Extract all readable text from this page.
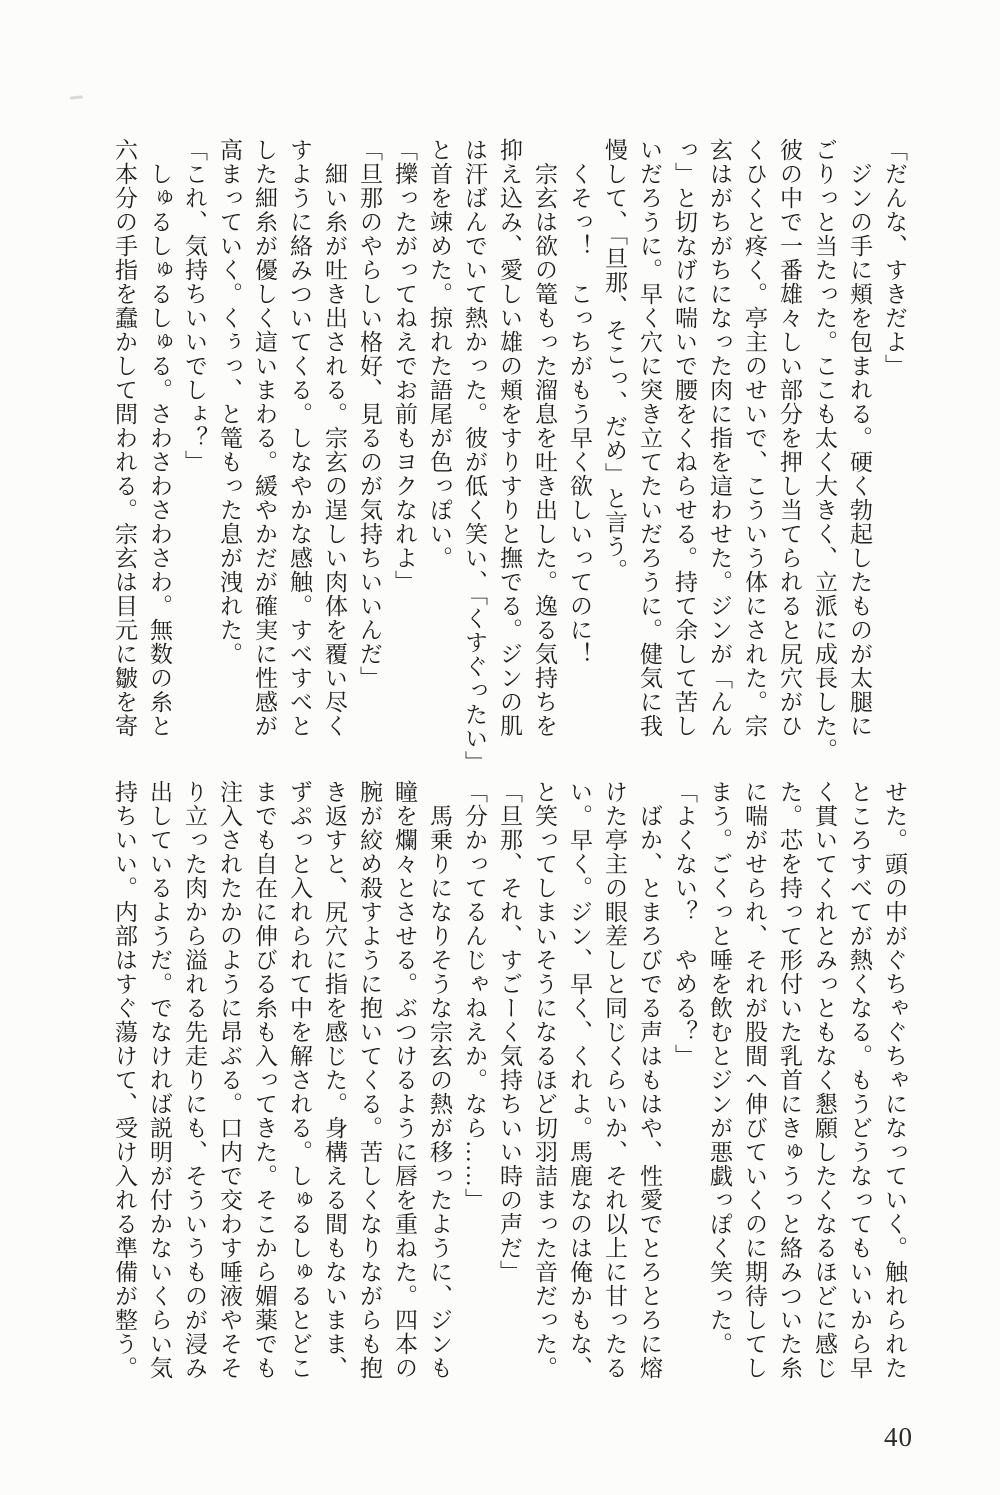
「だんな、すきだよ」
　ジンの手に頬を包まれる。硬く勃起したものが太腿に
ごりっと当たった。ここも太く大きく、立派に成長した。
彼の中で一番雄々しい部分を押し当てられると尻穴がひ
くひくと疼く。亭主のせいで、こういう体にされた。宗
玄はがちがちになった肉に指を這わせた。ジンが「んん
っ」と切なげに喘いで腰をくねらせる。持て余して苦し
いだろうに。早く穴に突き立てたいだろうに。健気に我
慢して、「旦那、そこっ、だめ」と言う。
　くそっ！　こっちがもう早く欲しいってのに！
　宗玄は欲の篭もった溜息を吐き出した。逸る気持ちを
抑え込み、愛しい雄の頬をすりすりと撫でる。ジンの肌
は汗ばんでいて熱かった。彼が低く笑い、「くすぐったい」
と首を竦めた。掠れた語尾が色っぽい。
「擽ったがってねえでお前もヨクなれよ」
「旦那のやらしい格好、見るのが気持ちいいんだ」
　細い糸が吐き出される。宗玄の逞しい肉体を覆い尽く
すように絡みついてくる。しなやかな感触。すべすべと
した細糸が優しく這いまわる。緩やかだが確実に性感が
高まっていく。くぅっ、と篭もった息が洩れた。
「これ、気持ちいいでしょ？」
　しゅるしゅるしゅる。さわさわさわさわ。無数の糸と
六本分の手指を蠢かして問われる。宗玄は目元に皺を寄
せた。頭の中がぐちゃぐちゃになっていく。触れられた
ところすべてが熱くなる。もうどうなってもいいから早
く貫いてくれとみっともなく懇願したくなるほどに感じ
た。芯を持って形付いた乳首にきゅうっと絡みついた糸
に喘がせられ、それが股間へ伸びていくのに期待してし
まう。ごくっと唾を飲むとジンが悪戯っぽく笑った。
「よくない？　やめる？」
　ばか、とまろびでる声はもはや、性愛でとろとろに熔
けた亭主の眼差しと同じくらいか、それ以上に甘ったる
い。早く。ジン、早く、くれよ。馬鹿なのは俺かもな、
と笑ってしまいそうになるほど切羽詰まった音だった。
「旦那、それ、すごーく気持ちいい時の声だ」
「分かってるんじゃねえか。なら……」
　馬乗りになりそうな宗玄の熱が移ったように、ジンも
瞳を爛々とさせる。ぶつけるように唇を重ねた。四本の
腕が絞め殺すように抱いてくる。苦しくなりながらも抱
き返すと、尻穴に指を感じた。身構える間もないまま、
ずぷっと入れられて中を解される。しゅるしゅるとどこ
までも自在に伸びる糸も入ってきた。そこから媚薬でも
注入されたかのように昂ぶる。口内で交わす唾液やそそ
り立った肉から溢れる先走りにも、そういうものが浸み
出しているようだ。でなければ説明が付かないくらい気
持ちいい。内部はすぐ蕩けて、受け入れる準備が整う。
40
